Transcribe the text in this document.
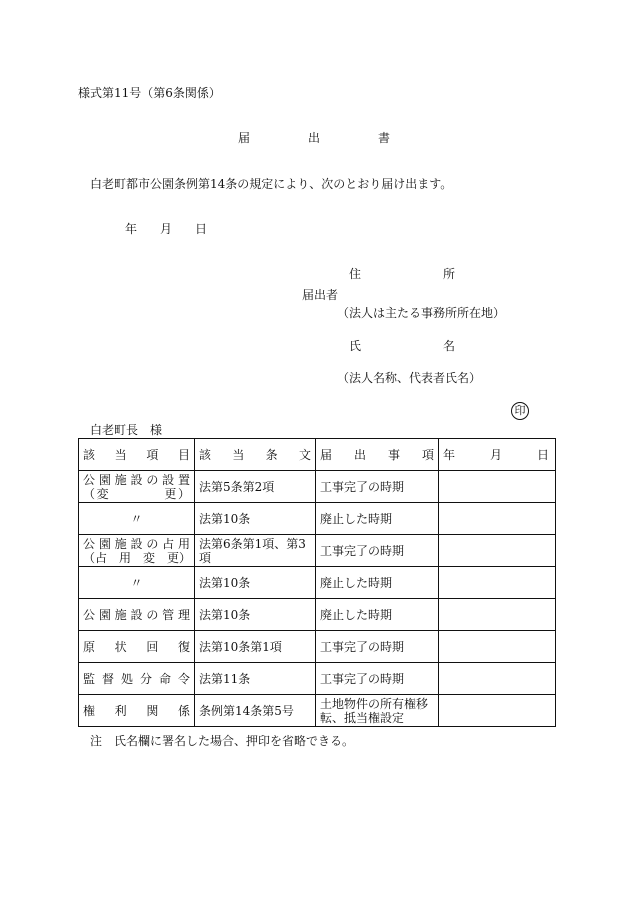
様式第11号（第6条関係）
届	出	書
白老町都市公園条例第14条の規定により、次のとおり届け出ます。
年 月 日
住	所
届出者
（法人は主たる事務所所在地）
氏	名
（法人名称、代表者氏名）
印
白老町長　様
該当項目	該当条文	届出事項	年 月 日

公園施設の設置
（変　　　　更）	法第5条第2項	工事完了の時期	
〃	法第10条	廃止した時期	

公園施設の占用
（占　用　変　更）	法第6条第1項、第3項	工事完了の時期	
〃	法第10条	廃止した時期	
公園施設の管理	法第10条	廃止した時期	
原状回復	法第10条第1項	工事完了の時期	
監督処分命令	法第11条	工事完了の時期	
権利関係	条例第14条第5号	土地物件の所有権移
転、抵当権設定	

注　氏名欄に署名した場合、押印を省略できる。
